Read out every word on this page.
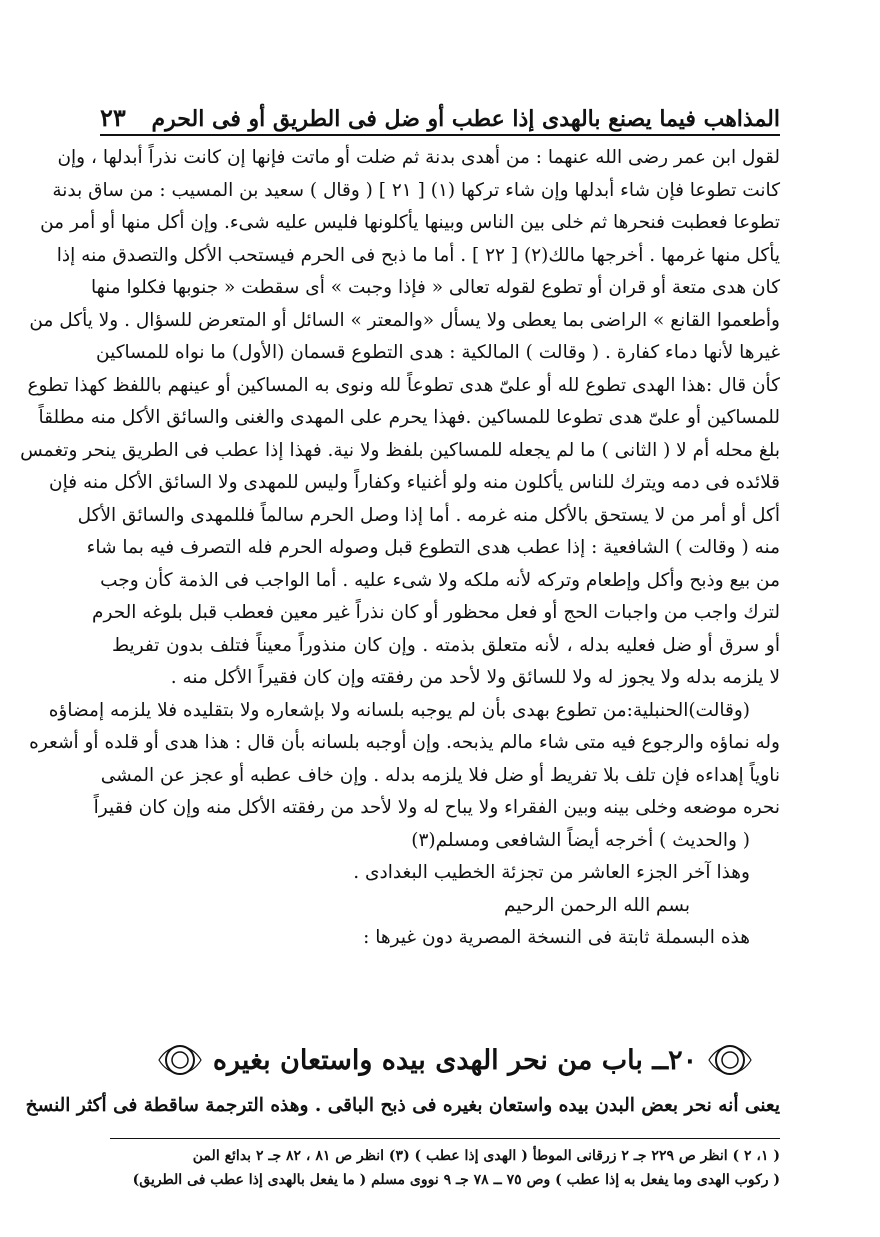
المذاهب فيما يصنع بالهدى إذا عطب أو ضل فى الطريق أو فى الحرم
٢٣
لقول ابن عمر رضى الله عنهما : من أهدى بدنة ثم ضلت أو ماتت فإنها إن كانت نذراً أبدلها ، وإن
كانت تطوعا فإن شاء أبدلها وإن شاء تركها (١) [ ٢١ ] ( وقال ) سعيد بن المسيب : من ساق بدنة
تطوعا فعطبت فنحرها ثم خلى بين الناس وبينها يأكلونها فليس عليه شىء. وإن أكل منها أو أمر من
يأكل منها غرمها . أخرجها مالك(٢) [ ٢٢ ] . أما ما ذبح فى الحرم فيستحب الأكل والتصدق منه إذا
كان هدى متعة أو قران أو تطوع لقوله تعالى « فإذا وجبت » أى سقطت « جنوبها فكلوا منها
وأطعموا القانع » الراضى بما يعطى ولا يسأل «والمعتر » السائل أو المتعرض للسؤال . ولا يأكل من
غيرها لأنها دماء كفارة . ( وقالت ) المالكية : هدى التطوع قسمان (الأول) ما نواه للمساكين
كأن قال :هذا الهدى تطوع لله أو علىّ هدى تطوعاً لله ونوى به المساكين أو عينهم باللفظ كهذا تطوع
للمساكين أو علىّ هدى تطوعا للمساكين .فهذا يحرم على المهدى والغنى والسائق الأكل منه مطلقاً
بلغ محله أم لا ( الثانى ) ما لم يجعله للمساكين بلفظ ولا نية. فهذا إذا عطب فى الطريق ينحر وتغمس
قلائده فى دمه ويترك للناس يأكلون منه ولو أغنياء وكفاراً وليس للمهدى ولا السائق الأكل منه فإن
أكل أو أمر من لا يستحق بالأكل منه غرمه . أما إذا وصل الحرم سالماً فللمهدى والسائق الأكل
منه ( وقالت ) الشافعية : إذا عطب هدى التطوع قبل وصوله الحرم فله التصرف فيه بما شاء
من بيع وذبح وأكل وإطعام وتركه لأنه ملكه ولا شىء عليه . أما الواجب فى الذمة كأن وجب
لترك واجب من واجبات الحج أو فعل محظور أو كان نذراً غير معين فعطب قبل بلوغه الحرم
أو سرق أو ضل فعليه بدله ، لأنه متعلق بذمته . وإن كان منذوراً معيناً فتلف بدون تفريط
لا يلزمه بدله ولا يجوز له ولا للسائق ولا لأحد من رفقته وإن كان فقيراً الأكل منه .
(وقالت)الحنبلية:من تطوع بهدى بأن لم يوجبه بلسانه ولا بإشعاره ولا بتقليده فلا يلزمه إمضاؤه
وله نماؤه والرجوع فيه متى شاء مالم يذبحه. وإن أوجبه بلسانه بأن قال : هذا هدى أو قلده أو أشعره
ناوياً إهداءه فإن تلف بلا تفريط أو ضل فلا يلزمه بدله . وإن خاف عطبه أو عجز عن المشى
نحره موضعه وخلى بينه وبين الفقراء ولا يباح له ولا لأحد من رفقته الأكل منه وإن كان فقيراً
( والحديث ) أخرجه أيضاً الشافعى ومسلم(٣)
وهذا آخر الجزء العاشر من تجزئة الخطيب البغدادى .
بسم الله الرحمن الرحيم
هذه البسملة ثابتة فى النسخة المصرية دون غيرها :
٢٠ــ باب من نحر الهدى بيده واستعان بغيره
يعنى أنه نحر بعض البدن بيده واستعان بغيره فى ذبح الباقى . وهذه الترجمة ساقطة فى أكثر النسخ
( ١، ٢ ) انظر ص ٢٢٩ جـ ٢ زرقانى الموطأ ( الهدى إذا عطب ) (٣) انظر ص ٨١ ، ٨٢ جـ ٢ بدائع المن
( ركوب الهدى وما يفعل به إذا عطب ) وص ٧٥ ــ ٧٨ جـ ٩ نووى مسلم ( ما يفعل بالهدى إذا عطب فى الطريق)
